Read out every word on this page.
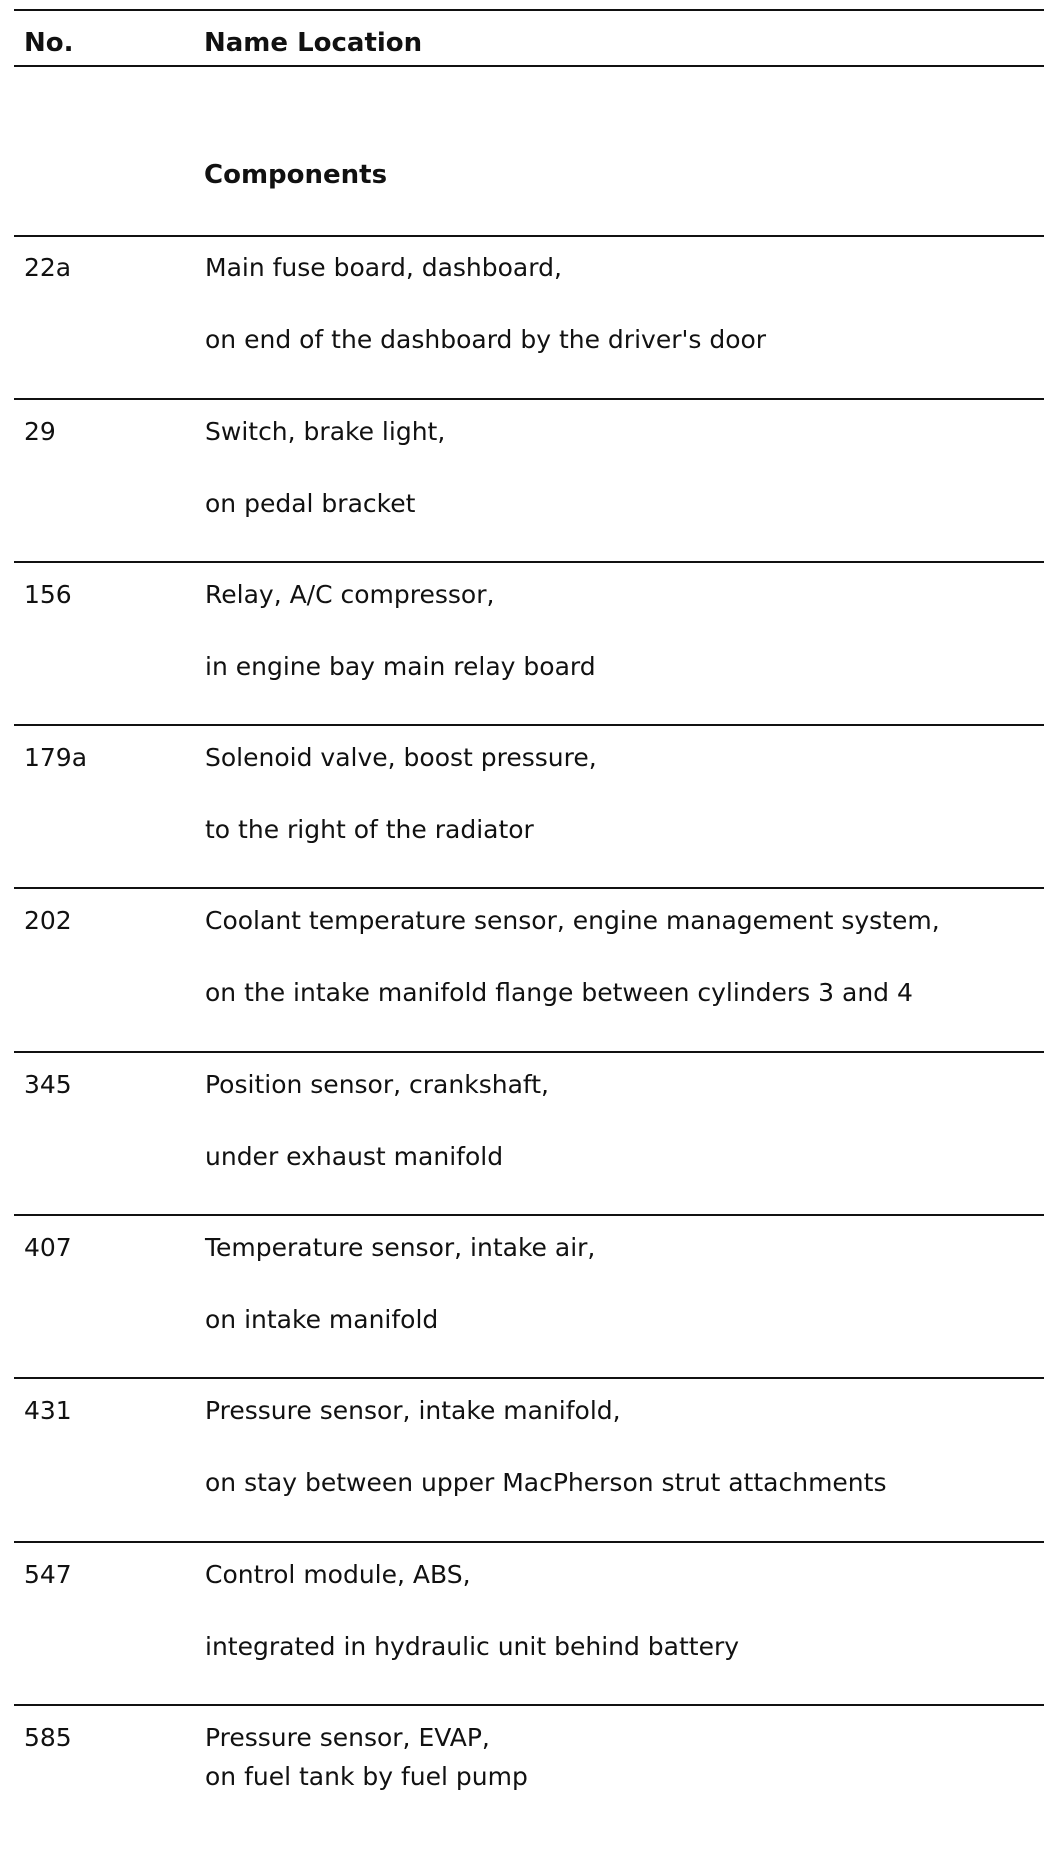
No.	Name Location
Components
22a	Main fuse board, dashboard,
on end of the dashboard by the driver's door
29	Switch, brake light,
on pedal bracket
156	Relay, A/C compressor,
in engine bay main relay board
179a	Solenoid valve, boost pressure,
to the right of the radiator
202	Coolant temperature sensor, engine management system,
on the intake manifold flange between cylinders 3 and 4
345	Position sensor, crankshaft,
under exhaust manifold
407	Temperature sensor, intake air,
on intake manifold
431	Pressure sensor, intake manifold,
on stay between upper MacPherson strut attachments
547	Control module, ABS,
integrated in hydraulic unit behind battery
585	Pressure sensor, EVAP,
on fuel tank by fuel pump
